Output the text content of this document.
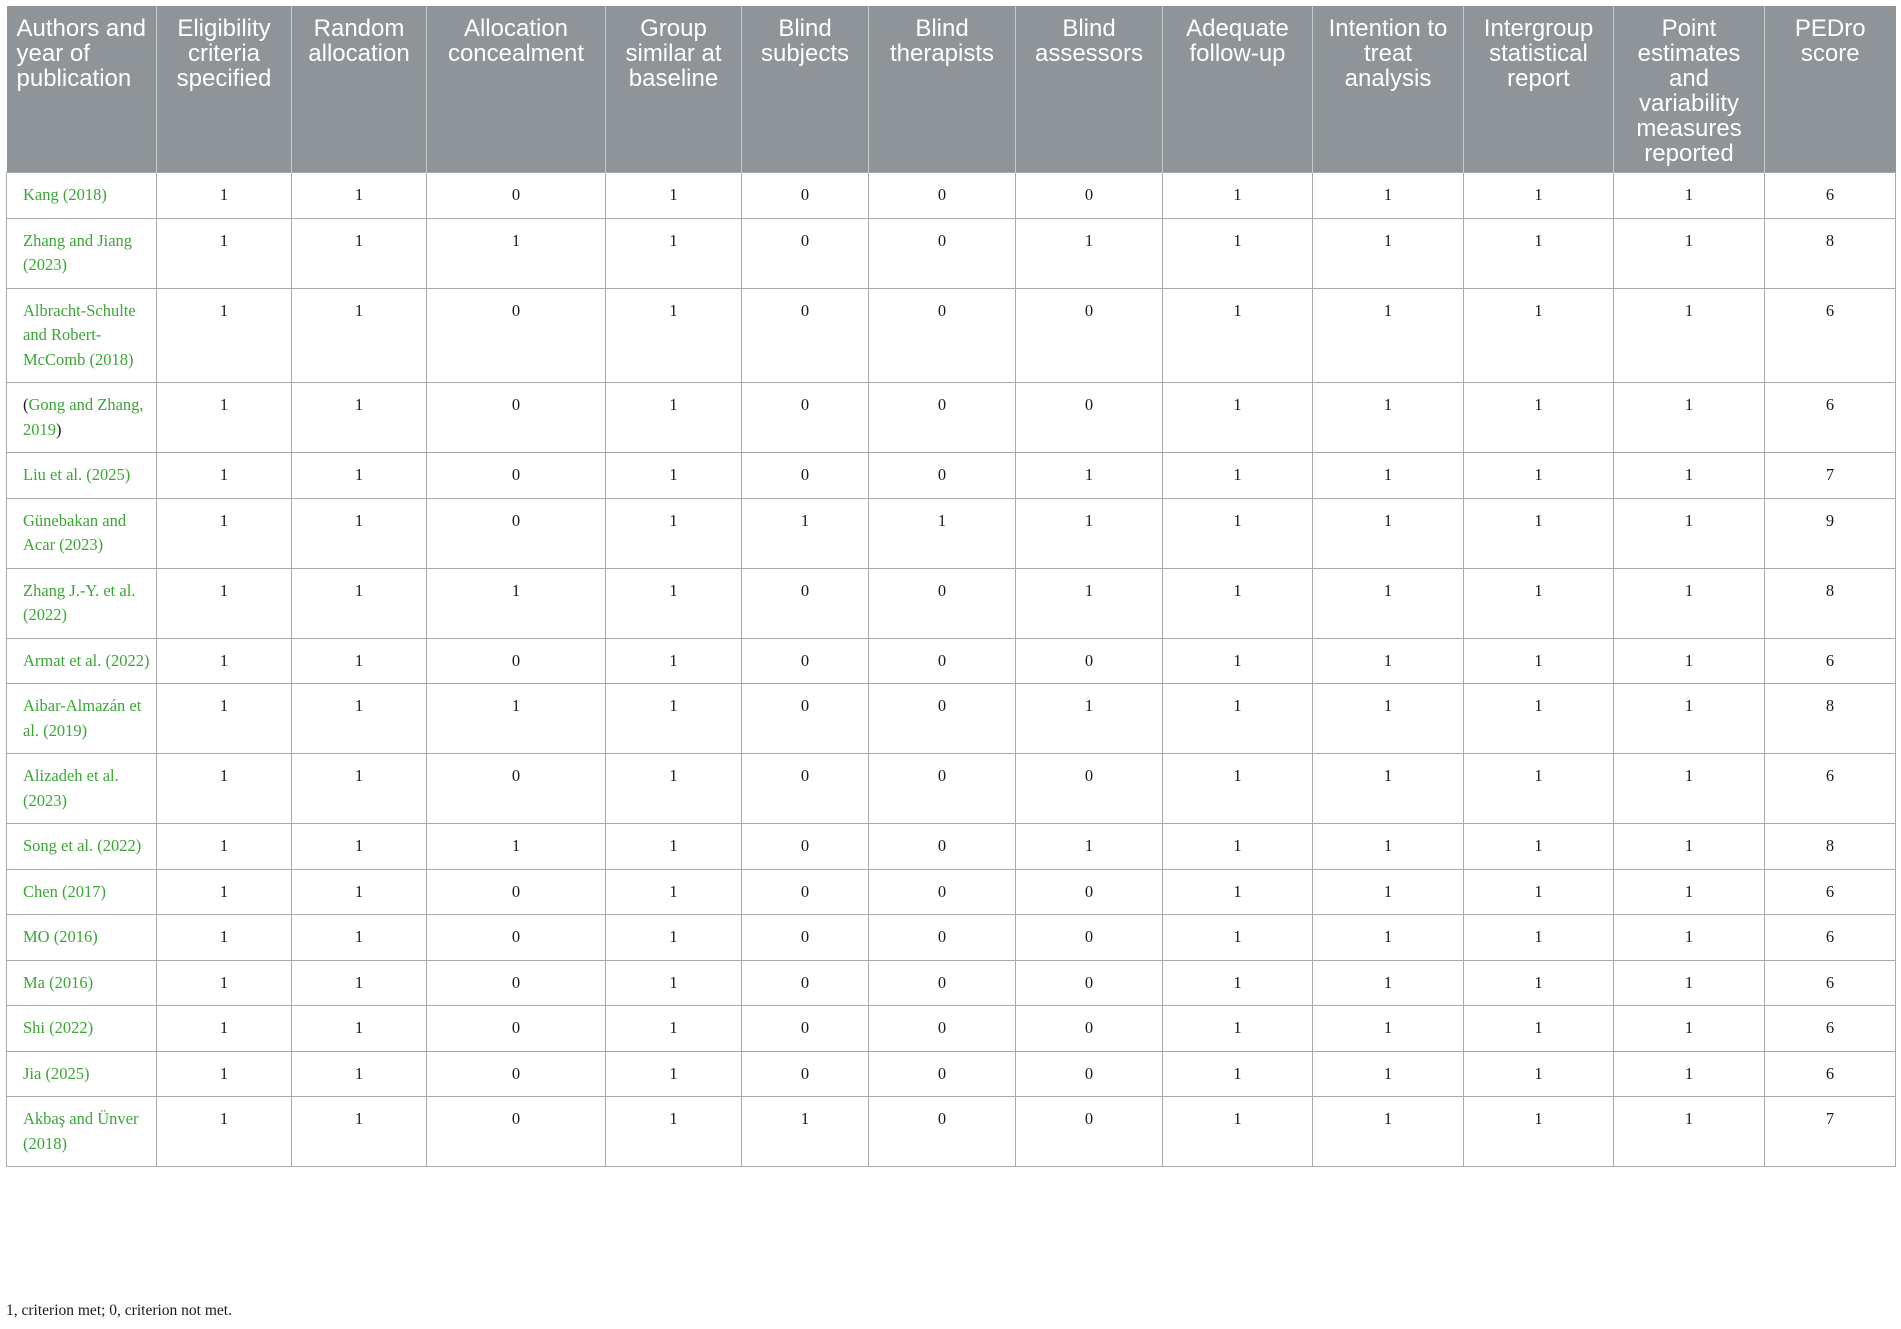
Authors and year of publication	Eligibility criteria specified	Random allocation	Allocation concealment	Group similar at baseline	Blind subjects	Blind therapists	Blind assessors	Adequate follow-up	Intention to treat analysis	Intergroup statistical report	Point estimates and variability measures reported	PEDro score
Kang (2018)	1	1	0	1	0	0	0	1	1	1	1	6
Zhang and Jiang (2023)	1	1	1	1	0	0	1	1	1	1	1	8
Albracht-Schulte and Robert-McComb (2018)	1	1	0	1	0	0	0	1	1	1	1	6
(Gong and Zhang, 2019)	1	1	0	1	0	0	0	1	1	1	1	6
Liu et al. (2025)	1	1	0	1	0	0	1	1	1	1	1	7
Günebakan and Acar (2023)	1	1	0	1	1	1	1	1	1	1	1	9
Zhang J.-Y. et al. (2022)	1	1	1	1	0	0	1	1	1	1	1	8
Armat et al. (2022)	1	1	0	1	0	0	0	1	1	1	1	6
Aibar-Almazán et al. (2019)	1	1	1	1	0	0	1	1	1	1	1	8
Alizadeh et al. (2023)	1	1	0	1	0	0	0	1	1	1	1	6
Song et al. (2022)	1	1	1	1	0	0	1	1	1	1	1	8
Chen (2017)	1	1	0	1	0	0	0	1	1	1	1	6
MO (2016)	1	1	0	1	0	0	0	1	1	1	1	6
Ma (2016)	1	1	0	1	0	0	0	1	1	1	1	6
Shi (2022)	1	1	0	1	0	0	0	1	1	1	1	6
Jia (2025)	1	1	0	1	0	0	0	1	1	1	1	6
Akbaş and Ünver (2018)	1	1	0	1	1	0	0	1	1	1	1	7
1, criterion met; 0, criterion not met.
